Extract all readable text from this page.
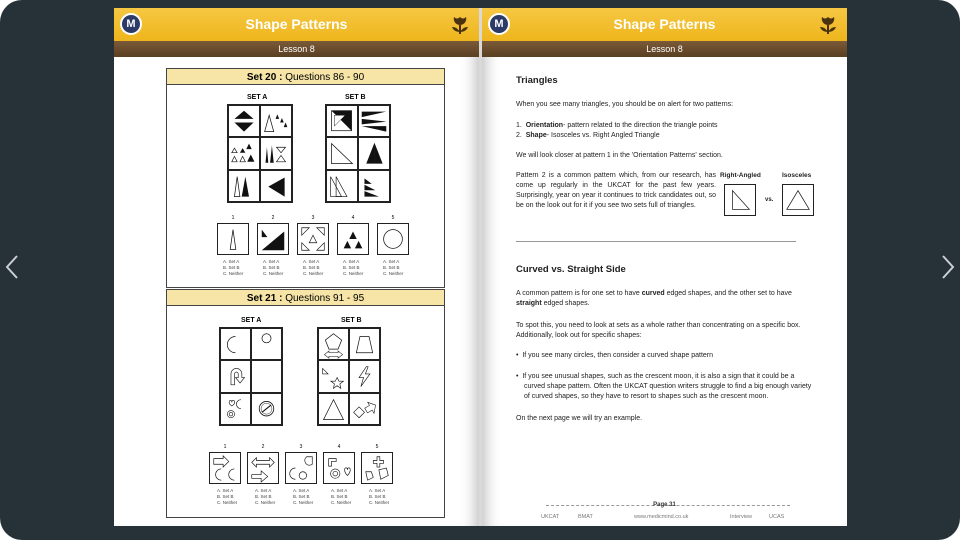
M	Shape Patterns
Lesson 8
Set 20 : Questions 86 - 90
SET A	SET B
1	2	3	4	5
A. Set A
B. Set B
C. Neither
A. Set A
B. Set B
C. Neither
A. Set A
B. Set B
C. Neither
A. Set A
B. Set B
C. Neither
A. Set A
B. Set B
C. Neither
Set 21 : Questions 91 - 95
SET A	SET B
1	2	3	4	5
A. Set A
B. Set B
C. Neither
A. Set A
B. Set B
C. Neither
A. Set A
B. Set B
C. Neither
A. Set A
B. Set B
C. Neither
A. Set A
B. Set B
C. Neither
M	Shape Patterns
Lesson 8
Triangles
When you see many triangles, you should be on alert for two patterns:
1. Orientation- pattern related to the direction the triangle points
2. Shape- Isosceles vs. Right Angled Triangle
We will look closer at pattern 1 in the 'Orientation Patterns' section.
Pattern 2 is a common pattern which, from our research, has come up regularly in the UKCAT for the past few years. Surprisingly, year on year it continues to trick candidates out, so be on the look out for it if you see two sets full of triangles.
Right-Angled	Isosceles
vs.
Curved vs. Straight Side
A common pattern is for one set to have curved edged shapes, and the other set to have straight edged shapes.
To spot this, you need to look at sets as a whole rather than concentrating on a specific box. Additionally, look out for specific shapes:
•  If you see many circles, then consider a curved shape pattern
•  If you see unusual shapes, such as the crescent moon, it is also a sign that it could be a curved shape pattern. Often the UKCAT question writers struggle to find a big enough variety of curved shapes, so they have to resort to shapes such as the crescent moon.
On the next page we will try an example.
Page 31
UKCAT	BMAT	www.medicmind.co.uk	Interview	UCAS
